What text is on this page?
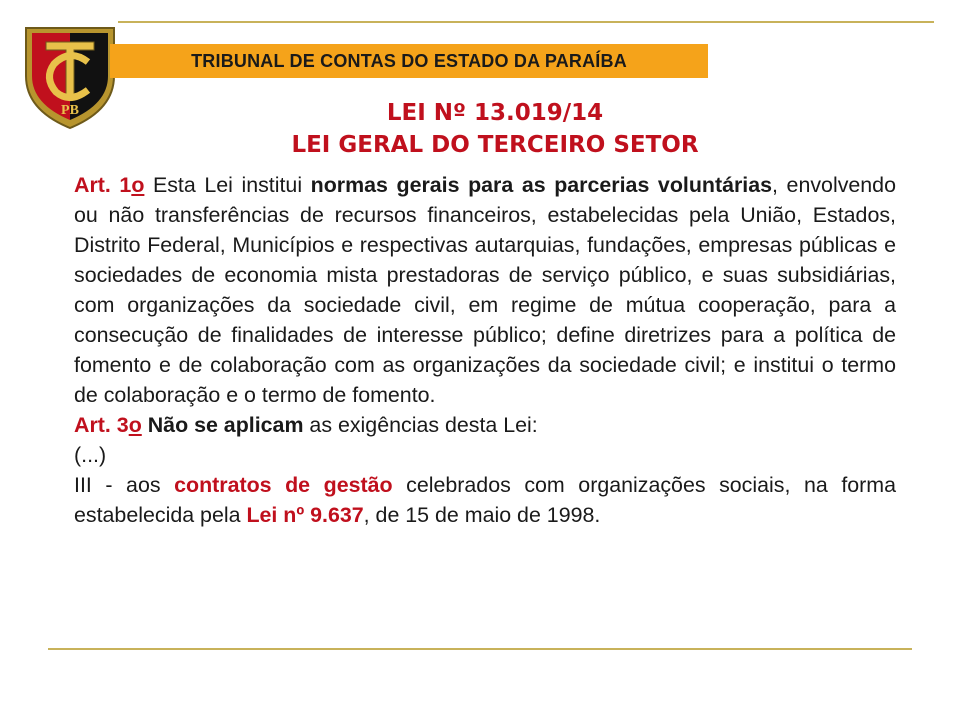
PB
TRIBUNAL DE CONTAS DO ESTADO DA PARAÍBA
LEI Nº 13.019/14
LEI GERAL DO TERCEIRO SETOR

Art. 1o Esta Lei institui normas gerais para as parcerias voluntárias, envolvendo ou não transferências de recursos financeiros, estabelecidas pela União, Estados, Distrito Federal, Municípios e respectivas autarquias, fundações, empresas públicas e sociedades de economia mista prestadoras de serviço público, e suas subsidiárias, com organizações da sociedade civil, em regime de mútua cooperação, para a consecução de finalidades de interesse público; define diretrizes para a política de fomento e de colaboração com as organizações da sociedade civil; e institui o termo de colaboração e o termo de fomento.

Art. 3o Não se aplicam as exigências desta Lei:

(...)

III - aos contratos de gestão celebrados com organizações sociais, na forma estabelecida pela Lei nº 9.637, de 15 de maio de 1998.
